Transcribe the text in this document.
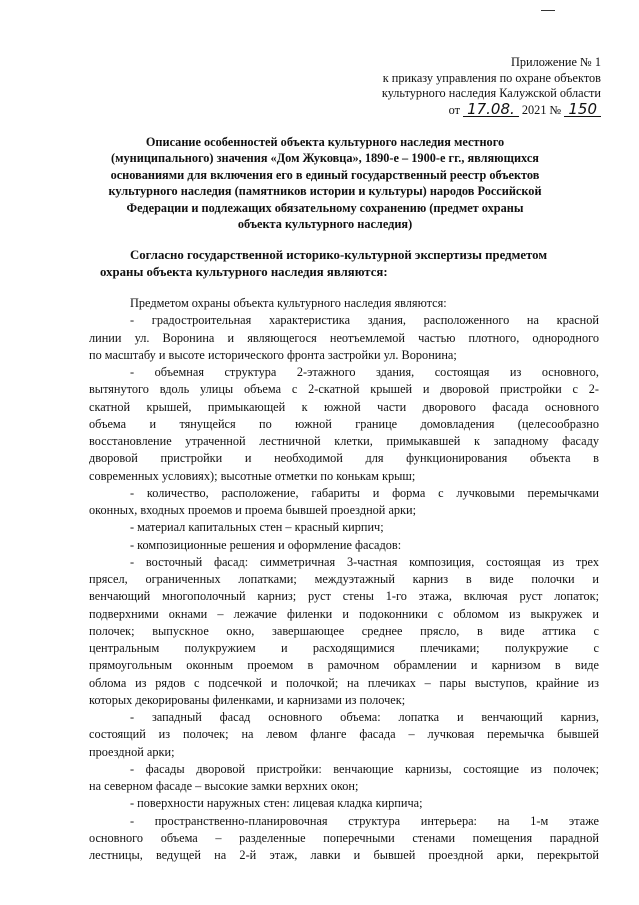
Приложение № 1
к приказу управления по охране объектов
культурного наследия Калужской области
от 17.08. 2021 № 150
Описание особенностей объекта культурного наследия местного
(муниципального) значения «Дом Жуковца», 1890-е – 1900-е гг., являющихся
основаниями для включения его в единый государственный реестр объектов
культурного наследия (памятников истории и культуры) народов Российской
Федерации и подлежащих обязательному сохранению (предмет охраны
объекта культурного наследия)
Согласно государственной историко-культурной экспертизы предметом
охраны объекта культурного наследия являются:
Предметом охраны объекта культурного наследия являются:
- градостроительная характеристика здания, расположенного на красной
линии ул. Воронина и являющегося неотъемлемой частью плотного, однородного
по масштабу и высоте исторического фронта застройки ул. Воронина;
- объемная структура 2-этажного здания, состоящая из основного,
вытянутого вдоль улицы объема с 2-скатной крышей и дворовой пристройки с 2-
скатной крышей, примыкающей к южной части дворового фасада основного
объема и тянущейся по южной границе домовладения (целесообразно
восстановление утраченной лестничной клетки, примыкавшей к западному фасаду
дворовой пристройки и необходимой для функционирования объекта в
современных условиях); высотные отметки по конькам крыш;
- количество, расположение, габариты и форма с лучковыми перемычками
оконных, входных проемов и проема бывшей проездной арки;
- материал капитальных стен – красный кирпич;
- композиционные решения и оформление фасадов:
- восточный фасад: симметричная 3-частная композиция, состоящая из трех
прясел, ограниченных лопатками; междуэтажный карниз в виде полочки и
венчающий многополочный карниз; руст стены 1-го этажа, включая руст лопаток;
подверхними окнами – лежачие филенки и подоконники с обломом из выкружек и
полочек; выпускное окно, завершающее среднее прясло, в виде аттика с
центральным полукружием и расходящимися плечиками; полукружие с
прямоугольным оконным проемом в рамочном обрамлении и карнизом в виде
облома из рядов с подсечкой и полочкой; на плечиках – пары выступов, крайние из
которых декорированы филенками, и карнизами из полочек;
- западный фасад основного объема: лопатка и венчающий карниз,
состоящий из полочек; на левом фланге фасада – лучковая перемычка бывшей
проездной арки;
- фасады дворовой пристройки: венчающие карнизы, состоящие из полочек;
на северном фасаде – высокие замки верхних окон;
- поверхности наружных стен: лицевая кладка кирпича;
- пространственно-планировочная структура интерьера: на 1-м этаже
основного объема – разделенные поперечными стенами помещения парадной
лестницы, ведущей на 2-й этаж, лавки и бывшей проездной арки, перекрытой
